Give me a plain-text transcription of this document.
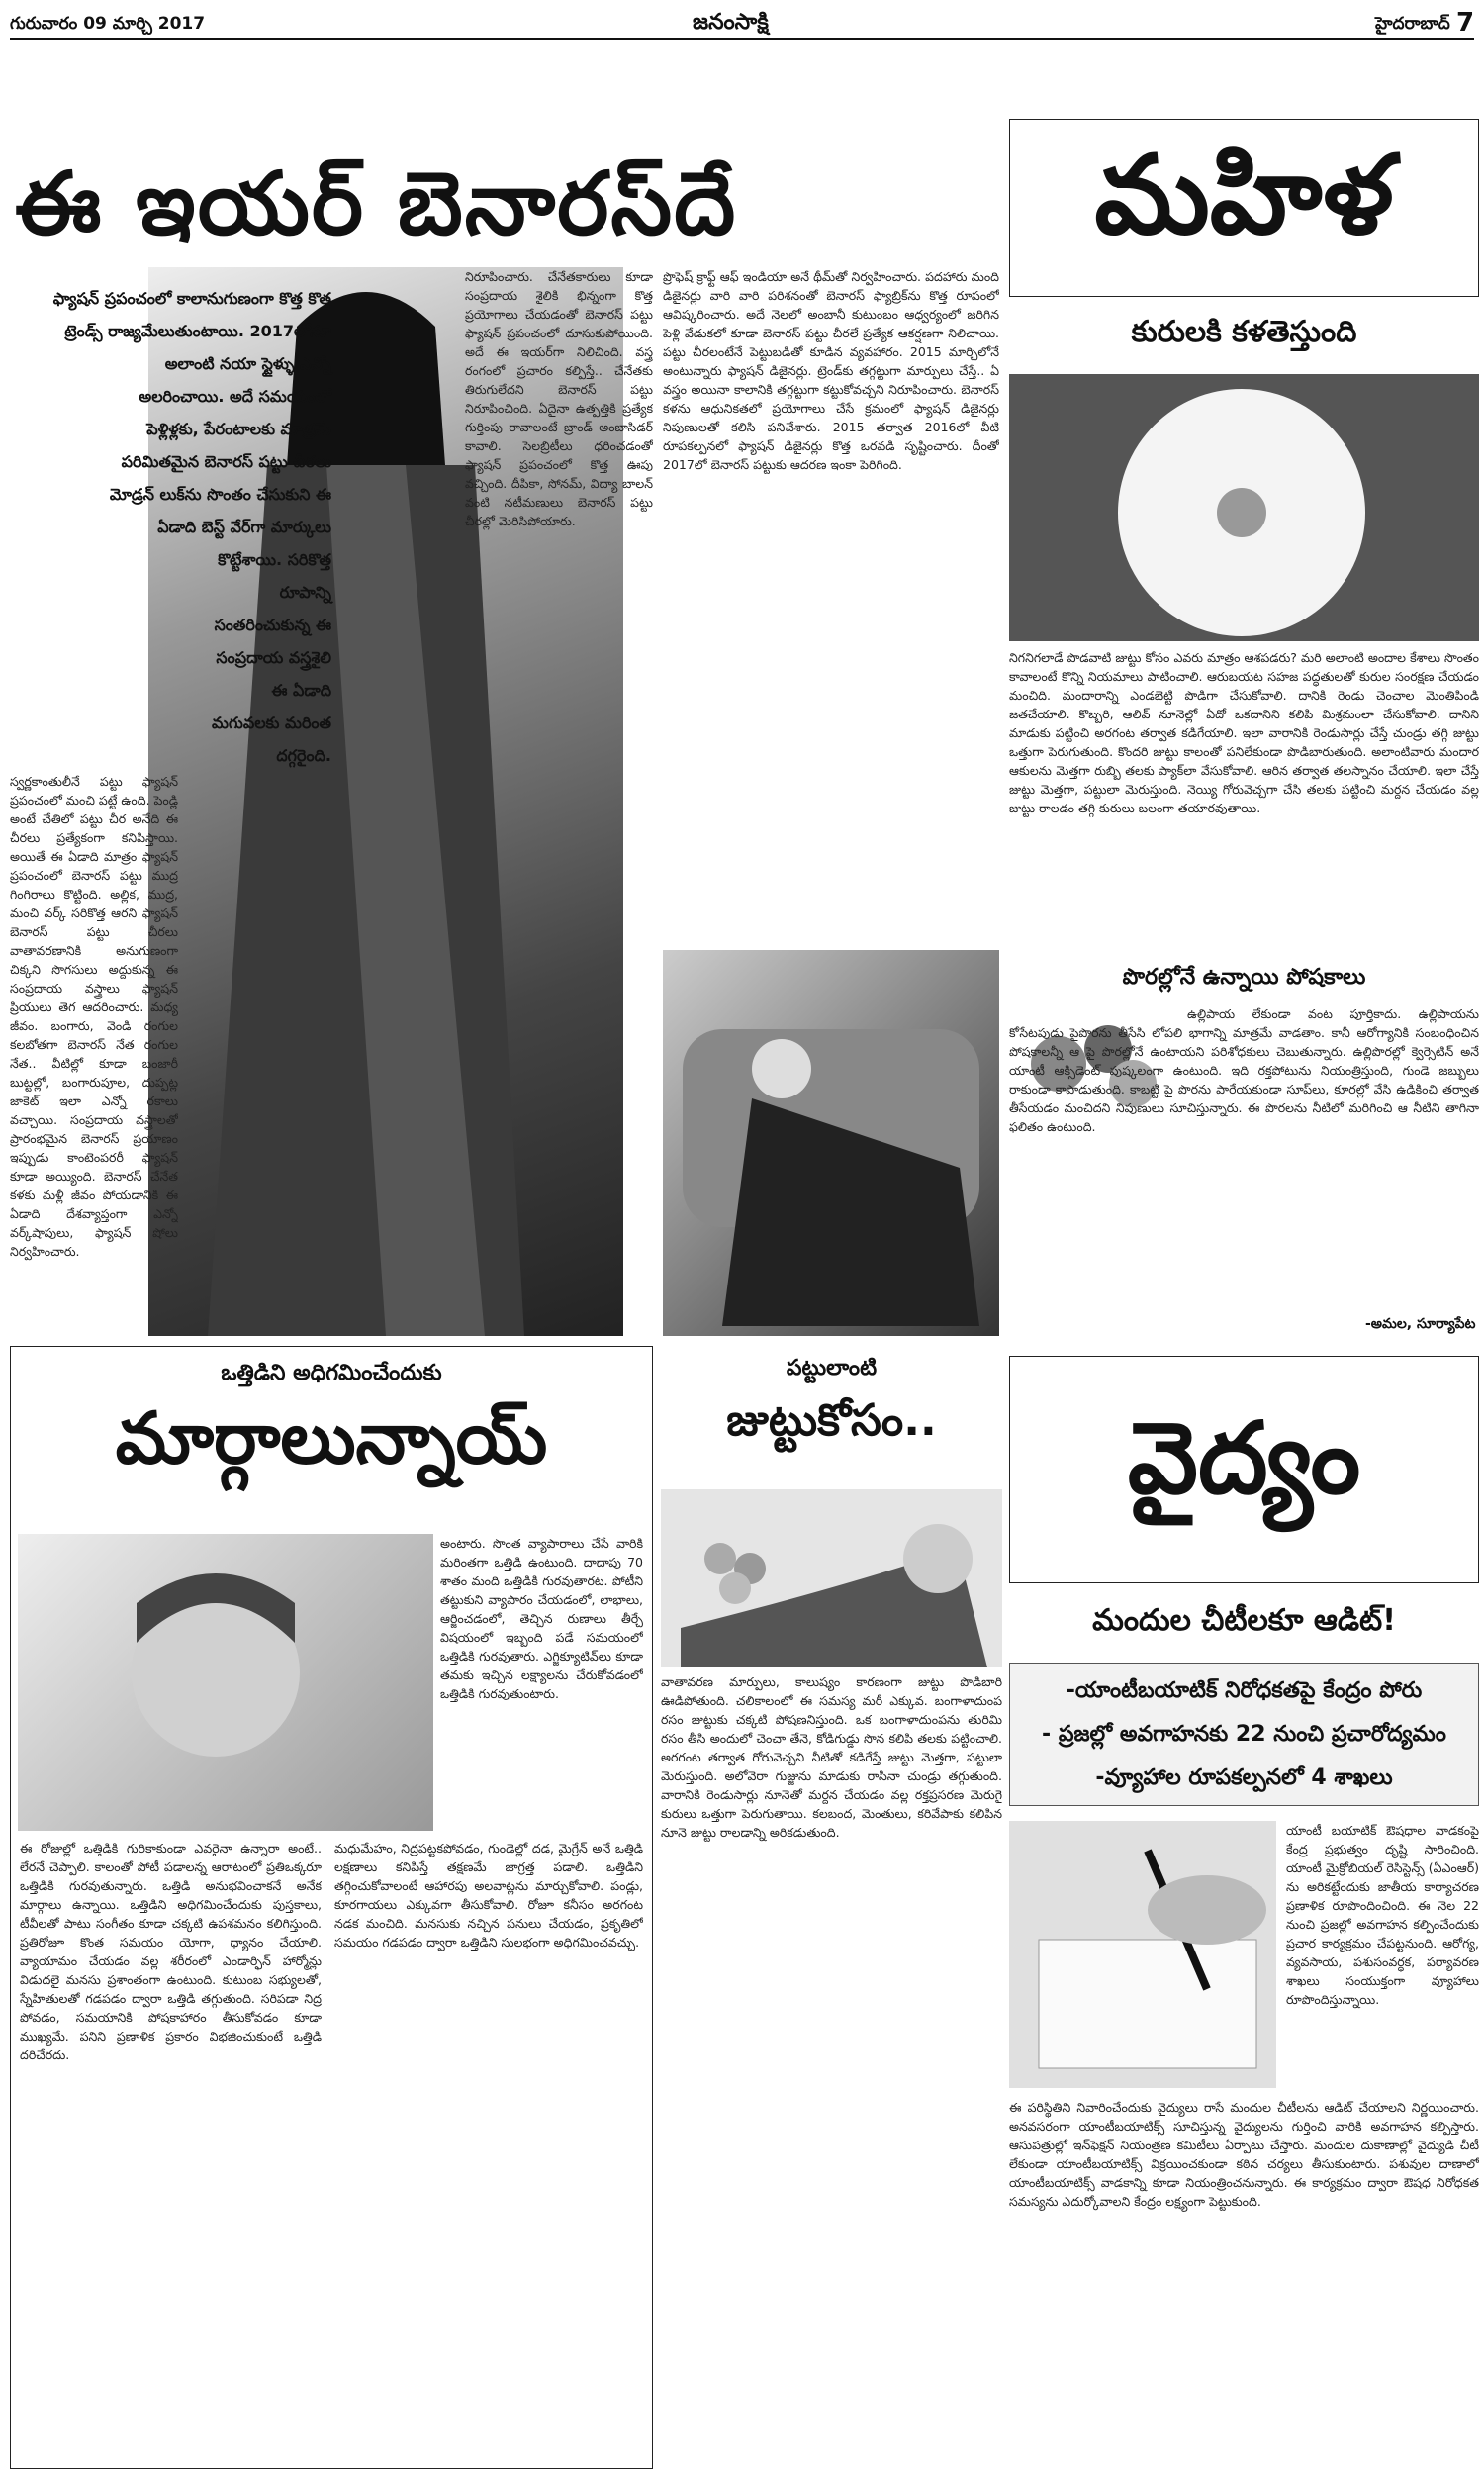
గురువారం 09 మార్చి 2017	జనంసాక్షి	హైదరాబాద్ 7
ఈ ఇయర్ బెనారస్‌దే
ఫ్యాషన్ ప్రపంచంలో కాలానుగుణంగా కొత్త కొత్త
ట్రెండ్స్ రాజ్యమేలుతుంటాయి. 2017లోనూ
అలాంటి నయా స్టైళ్ళు ఎన్నో
అలరించాయి. అదే సమయంలో
పెళ్లిళ్లకు, పేరంటాలకు మాత్రమే
పరిమితమైన బెనారస్ పట్టు చీరలు
మోడ్రన్ లుక్‌ను సొంతం చేసుకుని ఈ
ఏడాది బెస్ట్ వేర్‌గా మార్కులు
కొట్టేశాయి. సరికొత్త
రూపాన్ని
సంతరించుకున్న ఈ
సంప్రదాయ వస్త్రశైలి
ఈ ఏడాది
మగువలకు మరింత
దగ్గరైంది.
స్వర్ణకాంతులీనే పట్టు ఫ్యాషన్ ప్రపంచంలో మంచి పట్టే ఉంది. పెండ్లి అంటే చేతిలో పట్టు చీర అనేది ఈ చీరలు ప్రత్యేకంగా కనిపిస్తాయి. అయితే ఈ ఏడాది మాత్రం ఫ్యాషన్ ప్రపంచంలో బెనారస్ పట్టు ముద్ర గింగిరాలు కొట్టింది. అల్లిక, ముద్ర, మంచి వర్క్ సరికొత్త ఆరని ఫ్యాషన్ బెనారస్ పట్టు చీరలు వాతావరణానికి అనుగుణంగా చిక్కని సొగసులు అద్దుకున్న ఈ సంప్రదాయ వస్త్రాలు ఫ్యాషన్ ప్రియులు తెగ ఆదరించారు. మధ్య జీవం. బంగారు, వెండి రంగుల కలబోతగా బెనారస్ నేత రంగుల నేత.. వీటిల్లో కూడా బంజారీ బుట్టల్లో, బంగారుపూల, దుప్పట్ల జాకెట్ ఇలా ఎన్నో రకాలు వచ్చాయి. సంప్రదాయ వస్త్రాలతో ప్రారంభమైన బెనారస్ ప్రయాణం ఇప్పుడు కాంటెంపరరీ ఫ్యాషన్ కూడా అయ్యింది. బెనారస్ చేనేత కళకు మళ్లీ జీవం పోయడానికి ఈ ఏడాది దేశవ్యాప్తంగా ఎన్నో వర్క్‌షాపులు, ఫ్యాషన్ షోలు నిర్వహించారు.
నిరూపించారు. చేనేతకారులు కూడా సంప్రదాయ శైలికి భిన్నంగా కొత్త ప్రయోగాలు చేయడంతో బెనారస్ పట్టు ఫ్యాషన్ ప్రపంచంలో దూసుకుపోయింది. అదే ఈ ఇయర్‌గా నిలిచింది. వస్త్ర రంగంలో ప్రచారం కల్పిస్తే.. చేనేతకు తిరుగులేదని బెనారస్ పట్టు నిరూపించింది. ఏదైనా ఉత్పత్తికి ప్రత్యేక గుర్తింపు రావాలంటే బ్రాండ్ అంబాసిడర్ కావాలి. సెలబ్రిటీలు ధరించడంతో ఫ్యాషన్ ప్రపంచంలో కొత్త ఊపు వచ్చింది. దీపికా, సోనమ్, విద్యా బాలన్ వంటి నటీమణులు బెనారస్ పట్టు చీరల్లో మెరిసిపోయారు.
ప్రొఫెష్ క్రాఫ్ట్ ఆఫ్ ఇండియా అనే థీమ్‌తో నిర్వహించారు. పదహారు మంది డిజైనర్లు వారి వారి పరిశనంతో బెనారస్ ఫ్యాబ్రిక్‌ను కొత్త రూపంలో ఆవిష్కరించారు. అదే నెలలో అంబానీ కుటుంబం ఆధ్వర్యంలో జరిగిన పెళ్లి వేడుకలో కూడా బెనారస్ పట్టు చీరలే ప్రత్యేక ఆకర్షణగా నిలిచాయి. పట్టు చీరలంటేనే పెట్టుబడితో కూడిన వ్యవహారం. 2015 మార్చిలోనే అంటున్నారు ఫ్యాషన్ డిజైనర్లు. ట్రెండ్‌కు తగ్గట్టుగా మార్పులు చేస్తే.. ఏ వస్త్రం అయినా కాలానికి తగ్గట్టుగా కట్టుకోవచ్చని నిరూపించారు. బెనారస్ కళను ఆధునికతలో ప్రయోగాలు చేసే క్రమంలో ఫ్యాషన్ డిజైనర్లు నిపుణులతో కలిసి పనిచేశారు. 2015 తర్వాత 2016లో వీటి రూపకల్పనలో ఫ్యాషన్ డిజైనర్లు కొత్త ఒరవడి సృష్టించారు. దీంతో 2017లో బెనారస్ పట్టుకు ఆదరణ ఇంకా పెరిగింది.
మహిళ
కురులకి కళతెస్తుంది
నిగనిగలాడే పొడవాటి జుట్టు కోసం ఎవరు మాత్రం ఆశపడరు? మరి అలాంటి అందాల కేశాలు సొంతం కావాలంటే కొన్ని నియమాలు పాటించాలి. ఆరుబయట సహజ పద్ధతులతో కురుల సంరక్షణ చేయడం మంచిది. మందారాన్ని ఎండబెట్టి పొడిగా చేసుకోవాలి. దానికి రెండు చెంచాల మెంతిపిండి జతచేయాలి. కొబ్బరి, ఆలివ్ నూనెల్లో ఏదో ఒకదానిని కలిపి మిశ్రమంలా చేసుకోవాలి. దానిని మాడుకు పట్టించి అరగంట తర్వాత కడిగేయాలి. ఇలా వారానికి రెండుసార్లు చేస్తే చుండ్రు తగ్గి జుట్టు ఒత్తుగా పెరుగుతుంది. కొందరి జుట్టు కాలంతో పనిలేకుండా పొడిబారుతుంది. అలాంటివారు మందార ఆకులను మెత్తగా రుబ్బి తలకు ప్యాక్‌లా వేసుకోవాలి. ఆరిన తర్వాత తలస్నానం చేయాలి. ఇలా చేస్తే జుట్టు మెత్తగా, పట్టులా మెరుస్తుంది. నెయ్యి గోరువెచ్చగా చేసి తలకు పట్టించి మర్దన చేయడం వల్ల జుట్టు రాలడం తగ్గి కురులు బలంగా తయారవుతాయి.
పొరల్లోనే ఉన్నాయి పోషకాలు
ఉల్లిపాయ లేకుండా వంట పూర్తికాదు. ఉల్లిపాయను కోసేటపుడు పైపొరను తీసేసి లోపలి భాగాన్ని మాత్రమే వాడతాం. కానీ ఆరోగ్యానికి సంబంధించిన పోషకాలన్నీ ఆ పై పొరల్లోనే ఉంటాయని పరిశోధకులు చెబుతున్నారు. ఉల్లిపొరల్లో క్వెర్సెటిన్ అనే యాంటీ ఆక్సిడెంట్ పుష్కలంగా ఉంటుంది. ఇది రక్తపోటును నియంత్రిస్తుంది, గుండె జబ్బులు రాకుండా కాపాడుతుంది. కాబట్టి పై పొరను పారేయకుండా సూప్‌లు, కూరల్లో వేసి ఉడికించి తర్వాత తీసేయడం మంచిదని నిపుణులు సూచిస్తున్నారు. ఈ పొరలను నీటిలో మరిగించి ఆ నీటిని తాగినా ఫలితం ఉంటుంది.
-అమల, సూర్యాపేట
ఒత్తిడిని అధిగమించేందుకు
మార్గాలున్నాయ్
అంటారు. సొంత వ్యాపారాలు చేసే వారికి మరింతగా ఒత్తిడి ఉంటుంది. దాదాపు 70 శాతం మంది ఒత్తిడికి గురవుతారట. పోటీని తట్టుకుని వ్యాపారం చేయడంలో, లాభాలు, ఆర్జించడంలో, తెచ్చిన రుణాలు తీర్చే విషయంలో ఇబ్బంది పడే సమయంలో ఒత్తిడికి గురవుతారు. ఎగ్జిక్యూటివ్‌లు కూడా తమకు ఇచ్చిన లక్ష్యాలను చేరుకోవడంలో ఒత్తిడికి గురవుతుంటారు.
ఈ రోజుల్లో ఒత్తిడికి గురికాకుండా ఎవరైనా ఉన్నారా అంటే.. లేరనే చెప్పాలి. కాలంతో పోటీ పడాలన్న ఆరాటంలో ప్రతిఒక్కరూ ఒత్తిడికి గురవుతున్నారు. ఒత్తిడి అనుభవించాకనే అనేక మార్గాలు ఉన్నాయి. ఒత్తిడిని అధిగమించేందుకు పుస్తకాలు, టీవీలతో పాటు సంగీతం కూడా చక్కటి ఉపశమనం కలిగిస్తుంది. ప్రతిరోజూ కొంత సమయం యోగా, ధ్యానం చేయాలి. వ్యాయామం చేయడం వల్ల శరీరంలో ఎండార్ఫిన్ హార్మోన్లు విడుదలై మనసు ప్రశాంతంగా ఉంటుంది. కుటుంబ సభ్యులతో, స్నేహితులతో గడపడం ద్వారా ఒత్తిడి తగ్గుతుంది. సరిపడా నిద్ర పోవడం, సమయానికి పోషకాహారం తీసుకోవడం కూడా ముఖ్యమే. పనిని ప్రణాళిక ప్రకారం విభజించుకుంటే ఒత్తిడి దరిచేరదు.
మధుమేహం, నిద్రపట్టకపోవడం, గుండెల్లో దడ, మైగ్రేన్ అనే ఒత్తిడి లక్షణాలు కనిపిస్తే తక్షణమే జాగ్రత్త పడాలి. ఒత్తిడిని తగ్గించుకోవాలంటే ఆహారపు అలవాట్లను మార్చుకోవాలి. పండ్లు, కూరగాయలు ఎక్కువగా తీసుకోవాలి. రోజూ కనీసం అరగంట నడక మంచిది. మనసుకు నచ్చిన పనులు చేయడం, ప్రకృతిలో సమయం గడపడం ద్వారా ఒత్తిడిని సులభంగా అధిగమించవచ్చు.
పట్టులాంటి
జుట్టుకోసం..
వాతావరణ మార్పులు, కాలుష్యం కారణంగా జుట్టు పొడిబారి ఊడిపోతుంది. చలికాలంలో ఈ సమస్య మరీ ఎక్కువ. బంగాళాదుంప రసం జుట్టుకు చక్కటి పోషణనిస్తుంది. ఒక బంగాళాదుంపను తురిమి రసం తీసి అందులో చెంచా తేనె, కోడిగుడ్డు సొన కలిపి తలకు పట్టించాలి. అరగంట తర్వాత గోరువెచ్చని నీటితో కడిగేస్తే జుట్టు మెత్తగా, పట్టులా మెరుస్తుంది. అలోవెరా గుజ్జును మాడుకు రాసినా చుండ్రు తగ్గుతుంది. వారానికి రెండుసార్లు నూనెతో మర్దన చేయడం వల్ల రక్తప్రసరణ మెరుగై కురులు ఒత్తుగా పెరుగుతాయి. కలబంద, మెంతులు, కరివేపాకు కలిపిన నూనె జుట్టు రాలడాన్ని అరికడుతుంది.
వైద్యం
మందుల చీటీలకూ ఆడిట్!
-యాంటీబయాటిక్ నిరోధకతపై కేంద్రం పోరు
- ప్రజల్లో అవగాహనకు 22 నుంచి ప్రచారోద్యమం
-వ్యూహాల రూపకల్పనలో 4 శాఖలు
యాంటీ బయాటిక్ ఔషధాల వాడకంపై కేంద్ర ప్రభుత్వం దృష్టి సారించింది. యాంటీ మైక్రోబియల్ రెసిస్టెన్స్ (ఏఎంఆర్) ను అరికట్టేందుకు జాతీయ కార్యాచరణ ప్రణాళిక రూపొందించింది. ఈ నెల 22 నుంచి ప్రజల్లో అవగాహన కల్పించేందుకు ప్రచార కార్యక్రమం చేపట్టనుంది. ఆరోగ్య, వ్యవసాయ, పశుసంవర్ధక, పర్యావరణ శాఖలు సంయుక్తంగా వ్యూహాలు రూపొందిస్తున్నాయి.
ఈ పరిస్థితిని నివారించేందుకు వైద్యులు రాసే మందుల చీటీలను ఆడిట్ చేయాలని నిర్ణయించారు. అనవసరంగా యాంటీబయాటిక్స్ సూచిస్తున్న వైద్యులను గుర్తించి వారికి అవగాహన కల్పిస్తారు. ఆసుపత్రుల్లో ఇన్‌ఫెక్షన్ నియంత్రణ కమిటీలు ఏర్పాటు చేస్తారు. మందుల దుకాణాల్లో వైద్యుడి చీటీ లేకుండా యాంటీబయాటిక్స్ విక్రయించకుండా కఠిన చర్యలు తీసుకుంటారు. పశువుల దాణాలో యాంటీబయాటిక్స్ వాడకాన్ని కూడా నియంత్రించనున్నారు. ఈ కార్యక్రమం ద్వారా ఔషధ నిరోధకత సమస్యను ఎదుర్కోవాలని కేంద్రం లక్ష్యంగా పెట్టుకుంది.
